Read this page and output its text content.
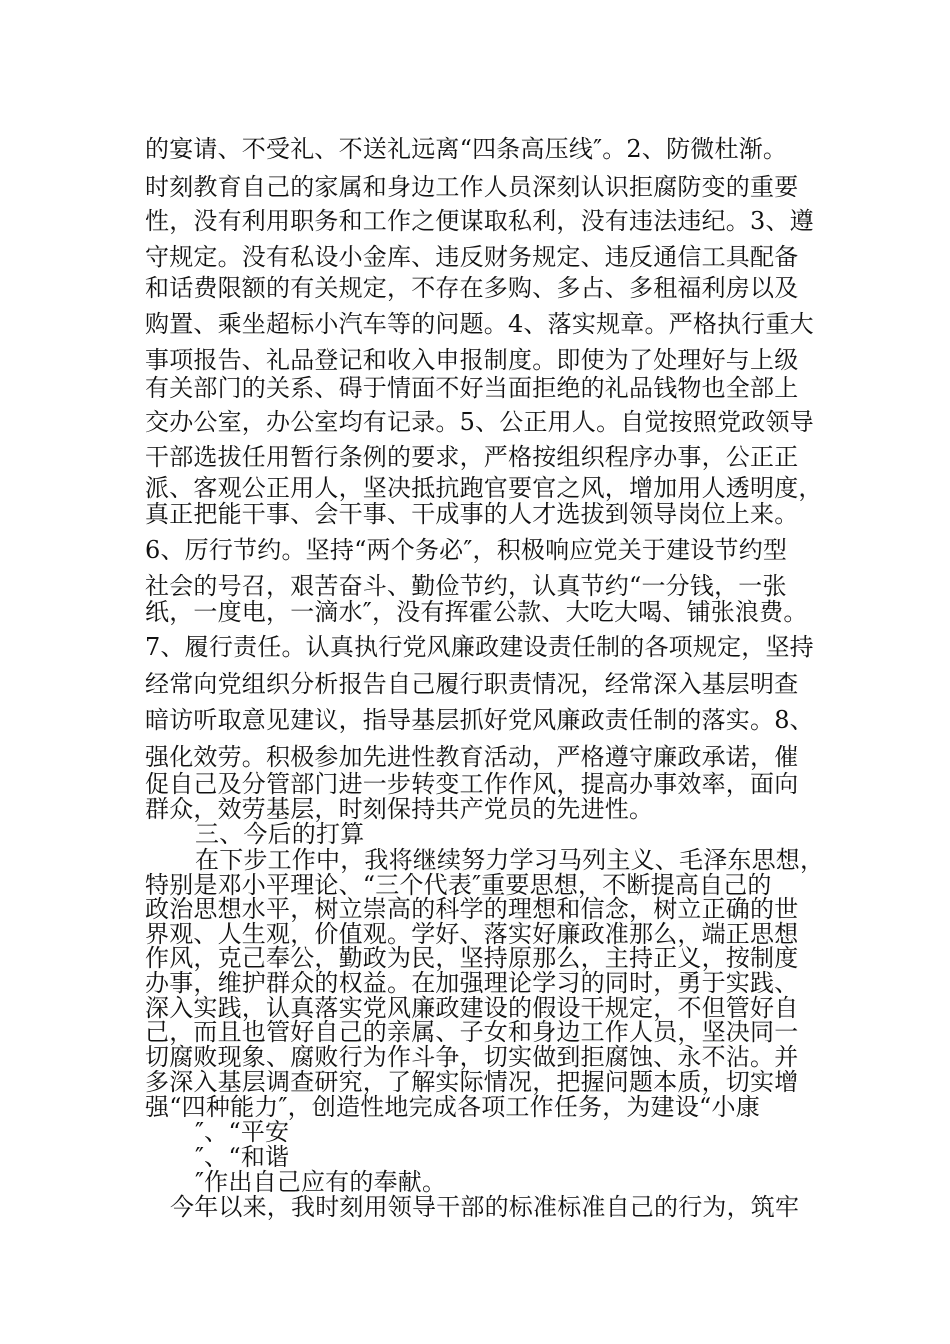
的宴请、不受礼、不送礼远离“四条高压线″。2、防微杜渐。
时刻教育自己的家属和身边工作人员深刻认识拒腐防变的重要
性，没有利用职务和工作之便谋取私利，没有违法违纪。3、遵
守规定。没有私设小金库、违反财务规定、违反通信工具配备
和话费限额的有关规定，不存在多购、多占、多租福利房以及
购置、乘坐超标小汽车等的问题。4、落实规章。严格执行重大
事项报告、礼品登记和收入申报制度。即使为了处理好与上级
有关部门的关系、碍于情面不好当面拒绝的礼品钱物也全部上
交办公室，办公室均有记录。5、公正用人。自觉按照党政领导
干部选拔任用暂行条例的要求，严格按组织程序办事，公正正
派、客观公正用人，坚决抵抗跑官要官之风，增加用人透明度，
真正把能干事、会干事、干成事的人才选拔到领导岗位上来。
6、厉行节约。坚持“两个务必″，积极响应党关于建设节约型
社会的号召，艰苦奋斗、勤俭节约，认真节约“一分钱，一张
纸，一度电，一滴水″，没有挥霍公款、大吃大喝、铺张浪费。
7、履行责任。认真执行党风廉政建设责任制的各项规定，坚持
经常向党组织分析报告自己履行职责情况，经常深入基层明查
暗访听取意见建议，指导基层抓好党风廉政责任制的落实。8、
强化效劳。积极参加先进性教育活动，严格遵守廉政承诺，催
促自己及分管部门进一步转变工作作风，提高办事效率，面向
群众，效劳基层，时刻保持共产党员的先进性。
三、今后的打算
在下步工作中，我将继续努力学习马列主义、毛泽东思想，
特别是邓小平理论、“三个代表″重要思想，不断提高自己的
政治思想水平，树立崇高的科学的理想和信念，树立正确的世
界观、人生观，价值观。学好、落实好廉政准那么，端正思想
作风，克己奉公，勤政为民，坚持原那么，主持正义，按制度
办事，维护群众的权益。在加强理论学习的同时，勇于实践、
深入实践，认真落实党风廉政建设的假设干规定，不但管好自
己，而且也管好自己的亲属、子女和身边工作人员，坚决同一
切腐败现象、腐败行为作斗争，切实做到拒腐蚀、永不沾。并
多深入基层调查研究，了解实际情况，把握问题本质，切实增
强“四种能力″，创造性地完成各项工作任务，为建设“小康
″、“平安
″、“和谐
″作出自己应有的奉献。
今年以来，我时刻用领导干部的标准标准自己的行为，筑牢
